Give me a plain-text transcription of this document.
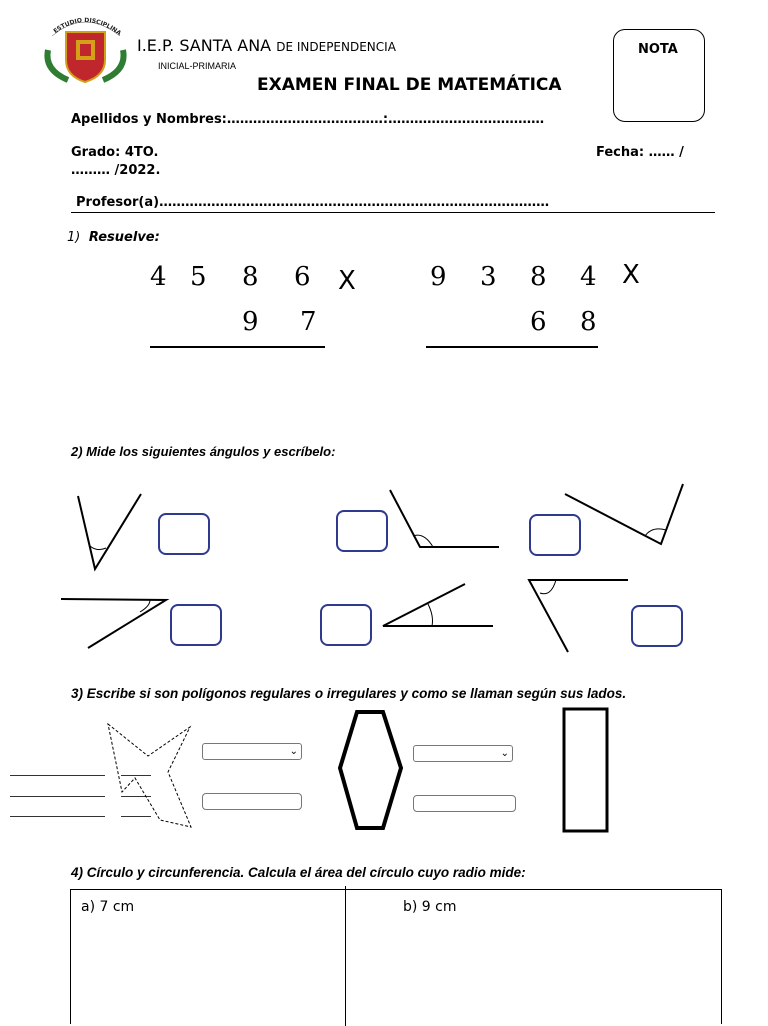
ESTUDIO DISCIPLINA
I.E.P. SANTA ANA DE INDEPENDENCIA
INICIAL-PRIMARIA
EXAMEN FINAL DE MATEMÁTICA
NOTA
Apellidos y Nombres:………………………………:………………………………
Grado: 4TO.	Fecha: …… /
……… /2022.
Profesor(a)………………………………………………………………………………
1) Resuelve:
4 5 8 6 X
9 7
9 3 8 4 X
6 8
2) Mide los siguientes ángulos y escríbelo:
3) Escribe si son polígonos regulares o irregulares y como se llaman según sus lados.
⌄	⌄
4) Círculo y circunferencia. Calcula el área del círculo cuyo radio mide:
a) 7 cm	b) 9 cm
